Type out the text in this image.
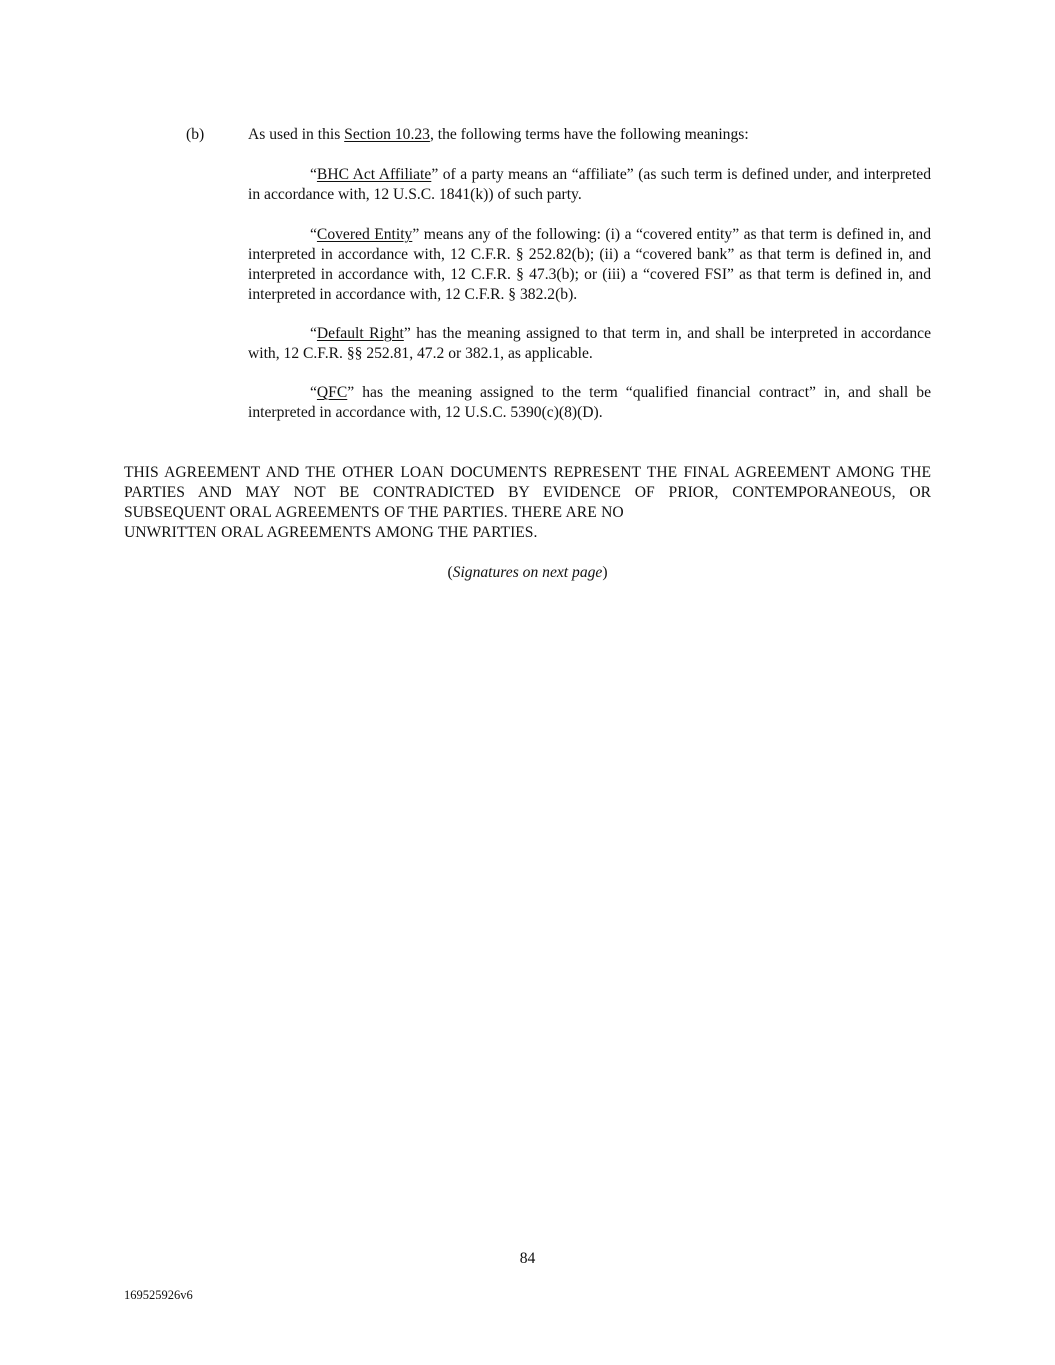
(b)	As used in this Section 10.23, the following terms have the following meanings:

“BHC Act Affiliate” of a party means an “affiliate” (as such term is defined under, and interpreted in accordance with, 12 U.S.C. 1841(k)) of such party.

“Covered Entity” means any of the following: (i) a “covered entity” as that term is defined in, and interpreted in accordance with, 12 C.F.R. § 252.82(b); (ii) a “covered bank” as that term is defined in, and interpreted in accordance with, 12 C.F.R. § 47.3(b); or (iii) a “covered FSI” as that term is defined in, and interpreted in accordance with, 12 C.F.R. § 382.2(b).

“Default Right” has the meaning assigned to that term in, and shall be interpreted in accordance with, 12 C.F.R. §§ 252.81, 47.2 or 382.1, as applicable.

“QFC” has the meaning assigned to the term “qualified financial contract” in, and shall be interpreted in accordance with, 12 U.S.C. 5390(c)(8)(D).

THIS AGREEMENT AND THE OTHER LOAN DOCUMENTS REPRESENT THE FINAL AGREEMENT AMONG THE PARTIES AND MAY NOT BE CONTRADICTED BY EVIDENCE OF PRIOR, CONTEMPORANEOUS, OR SUBSEQUENT ORAL AGREEMENTS OF THE PARTIES. THERE ARE NO
UNWRITTEN ORAL AGREEMENTS AMONG THE PARTIES.
(Signatures on next page)
84
169525926v6
